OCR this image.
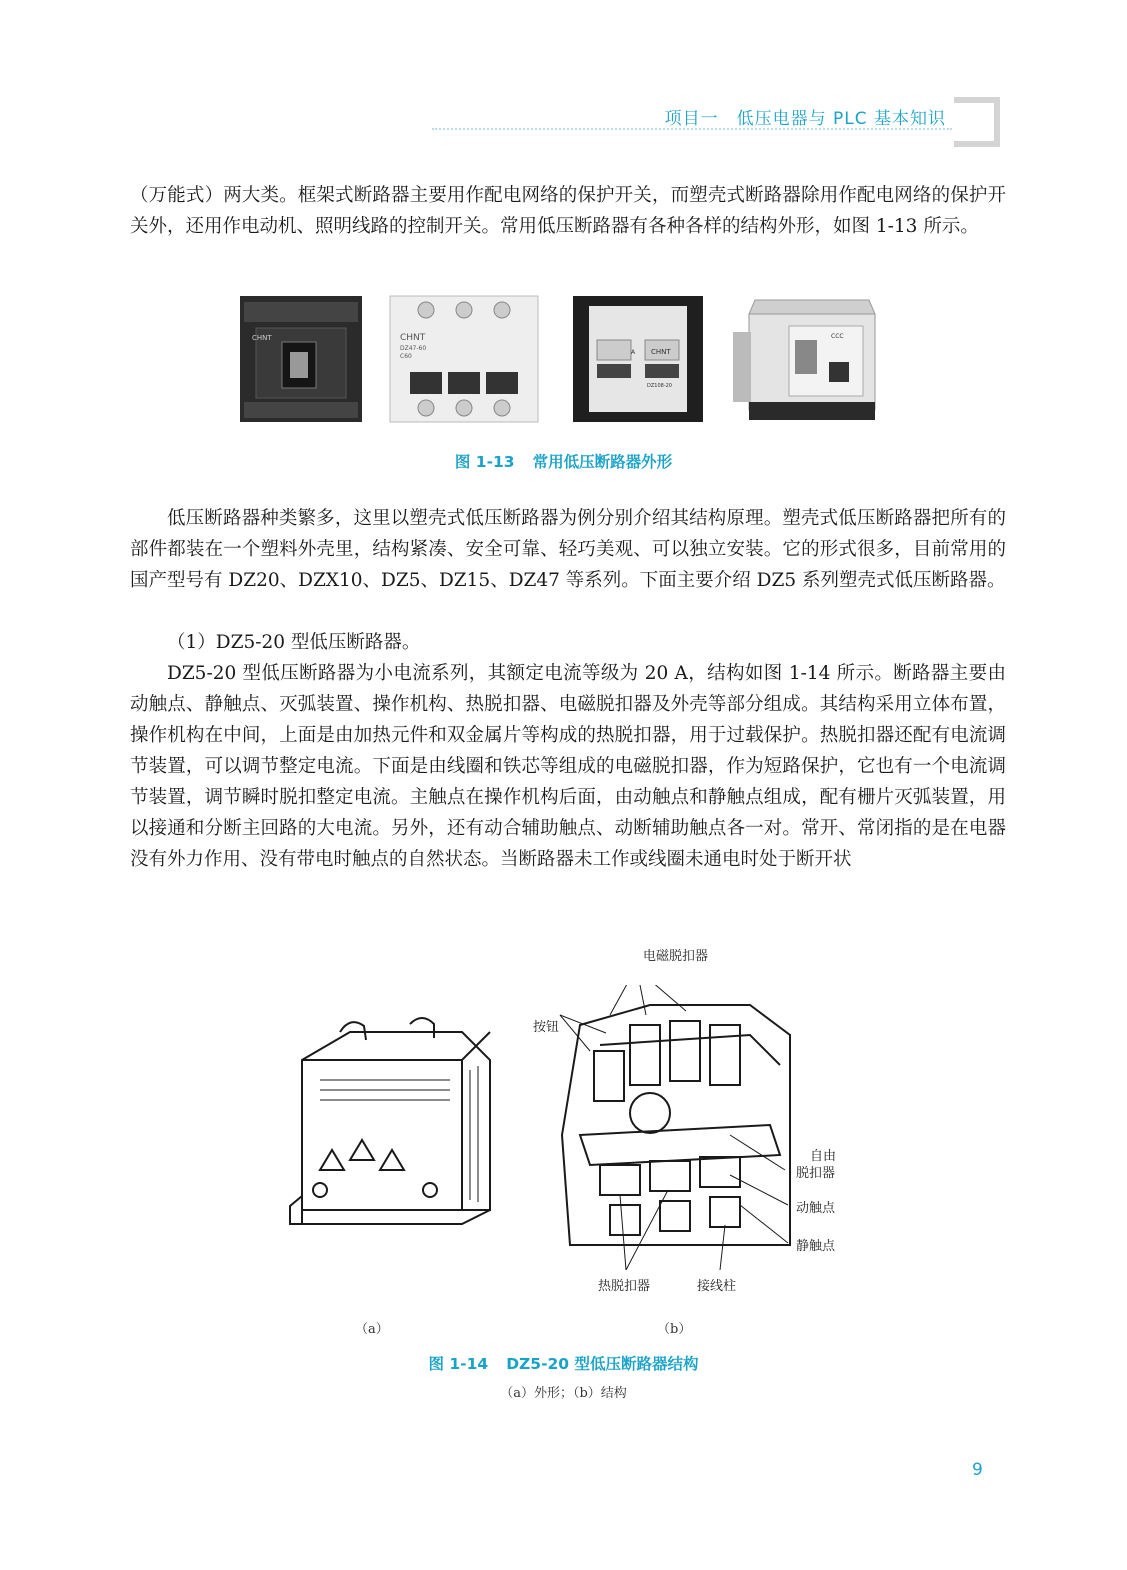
项目一　低压电器与 PLC 基本知识

（万能式）两大类。框架式断路器主要用作配电网络的保护开关，而塑壳式断路器除用作配电网络的保护开关外，还用作电动机、照明线路的控制开关。常用低压断路器有各种各样的结构外形，如图 1-13 所示。

CHNT	CHNT
DZ47-60
C60
CHNT
DZ108-20
A
CCC
图 1-13 常用低压断路器外形

低压断路器种类繁多，这里以塑壳式低压断路器为例分别介绍其结构原理。塑壳式低压断路器把所有的部件都装在一个塑料外壳里，结构紧凑、安全可靠、轻巧美观、可以独立安装。它的形式很多，目前常用的国产型号有 DZ20、DZX10、DZ5、DZ15、DZ47 等系列。下面主要介绍 DZ5 系列塑壳式低压断路器。

（1）DZ5-20 型低压断路器。

DZ5-20 型低压断路器为小电流系列，其额定电流等级为 20 A，结构如图 1-14 所示。断路器主要由动触点、静触点、灭弧装置、操作机构、热脱扣器、电磁脱扣器及外壳等部分组成。其结构采用立体布置，操作机构在中间，上面是由加热元件和双金属片等构成的热脱扣器，用于过载保护。热脱扣器还配有电流调节装置，可以调节整定电流。下面是由线圈和铁芯等组成的电磁脱扣器，作为短路保护，它也有一个电流调节装置，调节瞬时脱扣整定电流。主触点在操作机构后面，由动触点和静触点组成，配有栅片灭弧装置，用以接通和分断主回路的大电流。另外，还有动合辅助触点、动断辅助触点各一对。常开、常闭指的是在电器没有外力作用、没有带电时触点的自然状态。当断路器未工作或线圈未通电时处于断开状

电磁脱扣器
按钮
自由
脱扣器
动触点
静触点
热脱扣器	接线柱
（a）	（b）
图 1-14 DZ5-20 型低压断路器结构
（a）外形；（b）结构
9
